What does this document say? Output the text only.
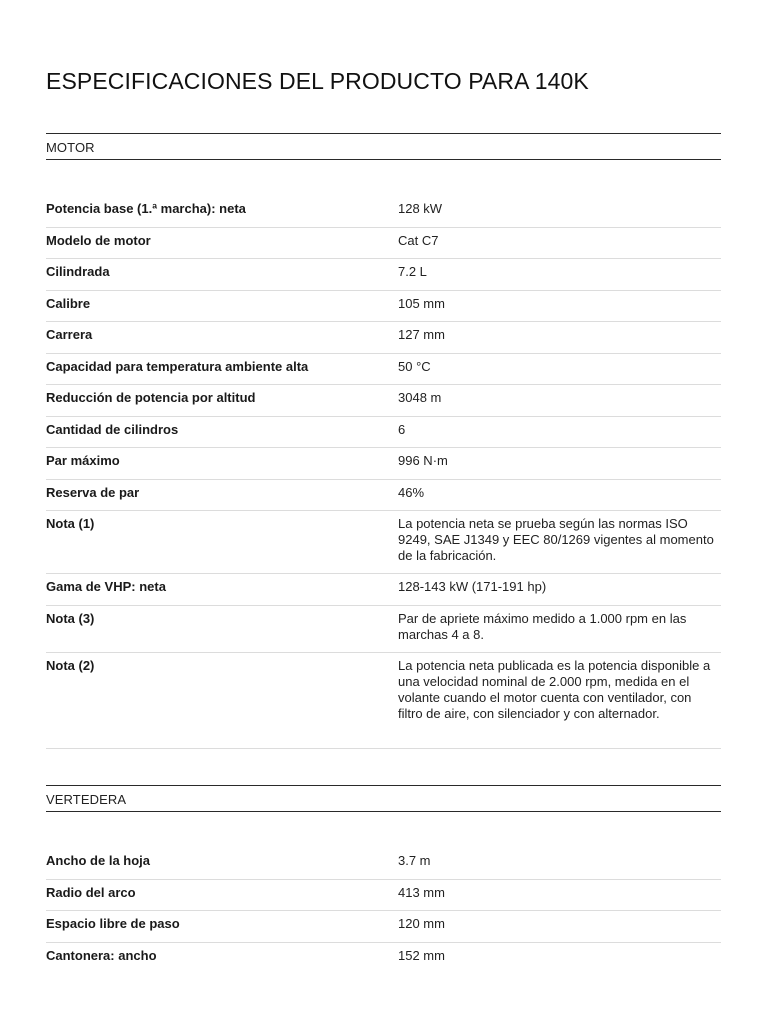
ESPECIFICACIONES DEL PRODUCTO PARA 140K
MOTOR
Potencia base (1.ª marcha): neta	128 kW
Modelo de motor	Cat C7
Cilindrada	7.2 L
Calibre	105 mm
Carrera	127 mm
Capacidad para temperatura ambiente alta	50 °C
Reducción de potencia por altitud	3048 m
Cantidad de cilindros	6
Par máximo	996 N·m
Reserva de par	46%
Nota (1)	La potencia neta se prueba según las normas ISO 9249, SAE J1349 y EEC 80/1269 vigentes al momento de la fabricación.
Gama de VHP: neta	128-143 kW (171-191 hp)
Nota (3)	Par de apriete máximo medido a 1.000 rpm en las marchas 4 a 8.
Nota (2)	La potencia neta publicada es la potencia disponible a una velocidad nominal de 2.000 rpm, medida en el volante cuando el motor cuenta con ventilador, con filtro de aire, con silenciador y con alternador.
VERTEDERA
Ancho de la hoja	3.7 m
Radio del arco	413 mm
Espacio libre de paso	120 mm
Cantonera: ancho	152 mm
